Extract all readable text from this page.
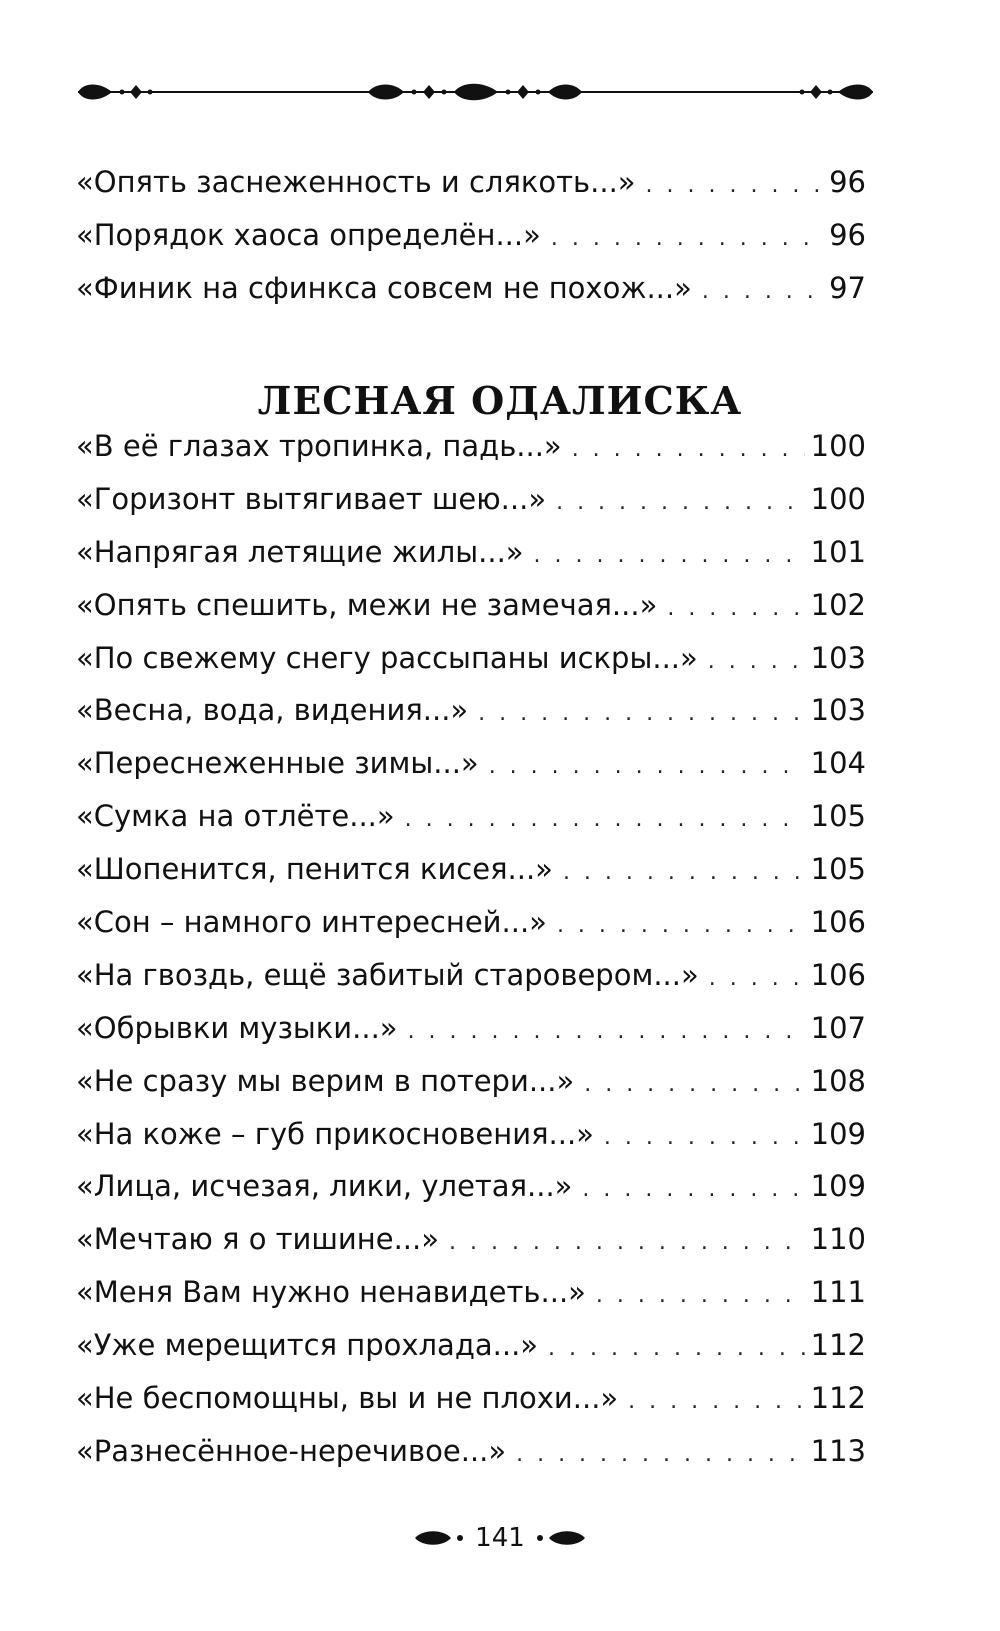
«Опять заснеженность и слякоть...» . . .	96
«Порядок хаоса определён...» . . .	96
«Финик на сфинкса совсем не похож...» . . .	97
ЛЕСНАЯ ОДАЛИСКА
«В её глазах тропинка, падь...» . . .	100
«Горизонт вытягивает шею...» . . .	100
«Напрягая летящие жилы...» . . .	101
«Опять спешить, межи не замечая...» . . .	102
«По свежему снегу рассыпаны искры...» . . .	103
«Весна, вода, видения...» . . .	103
«Переснеженные зимы...» . . .	104
«Сумка на отлёте...» . . .	105
«Шопенится, пенится кисея...» . . .	105
«Сон – намного интересней...» . . .	106
«На гвоздь, ещё забитый старовером...» . . .	106
«Обрывки музыки...» . . .	107
«Не сразу мы верим в потери...» . . .	108
«На коже – губ прикосновения...» . . .	109
«Лица, исчезая, лики, улетая...» . . .	109
«Мечтаю я о тишине...» . . .	110
«Меня Вам нужно ненавидеть...» . . .	111
«Уже мерещится прохлада...» . . .	112
«Не беспомощны, вы и не плохи...» . . .	112
«Разнесённое-неречивое...» . . .	113
141
